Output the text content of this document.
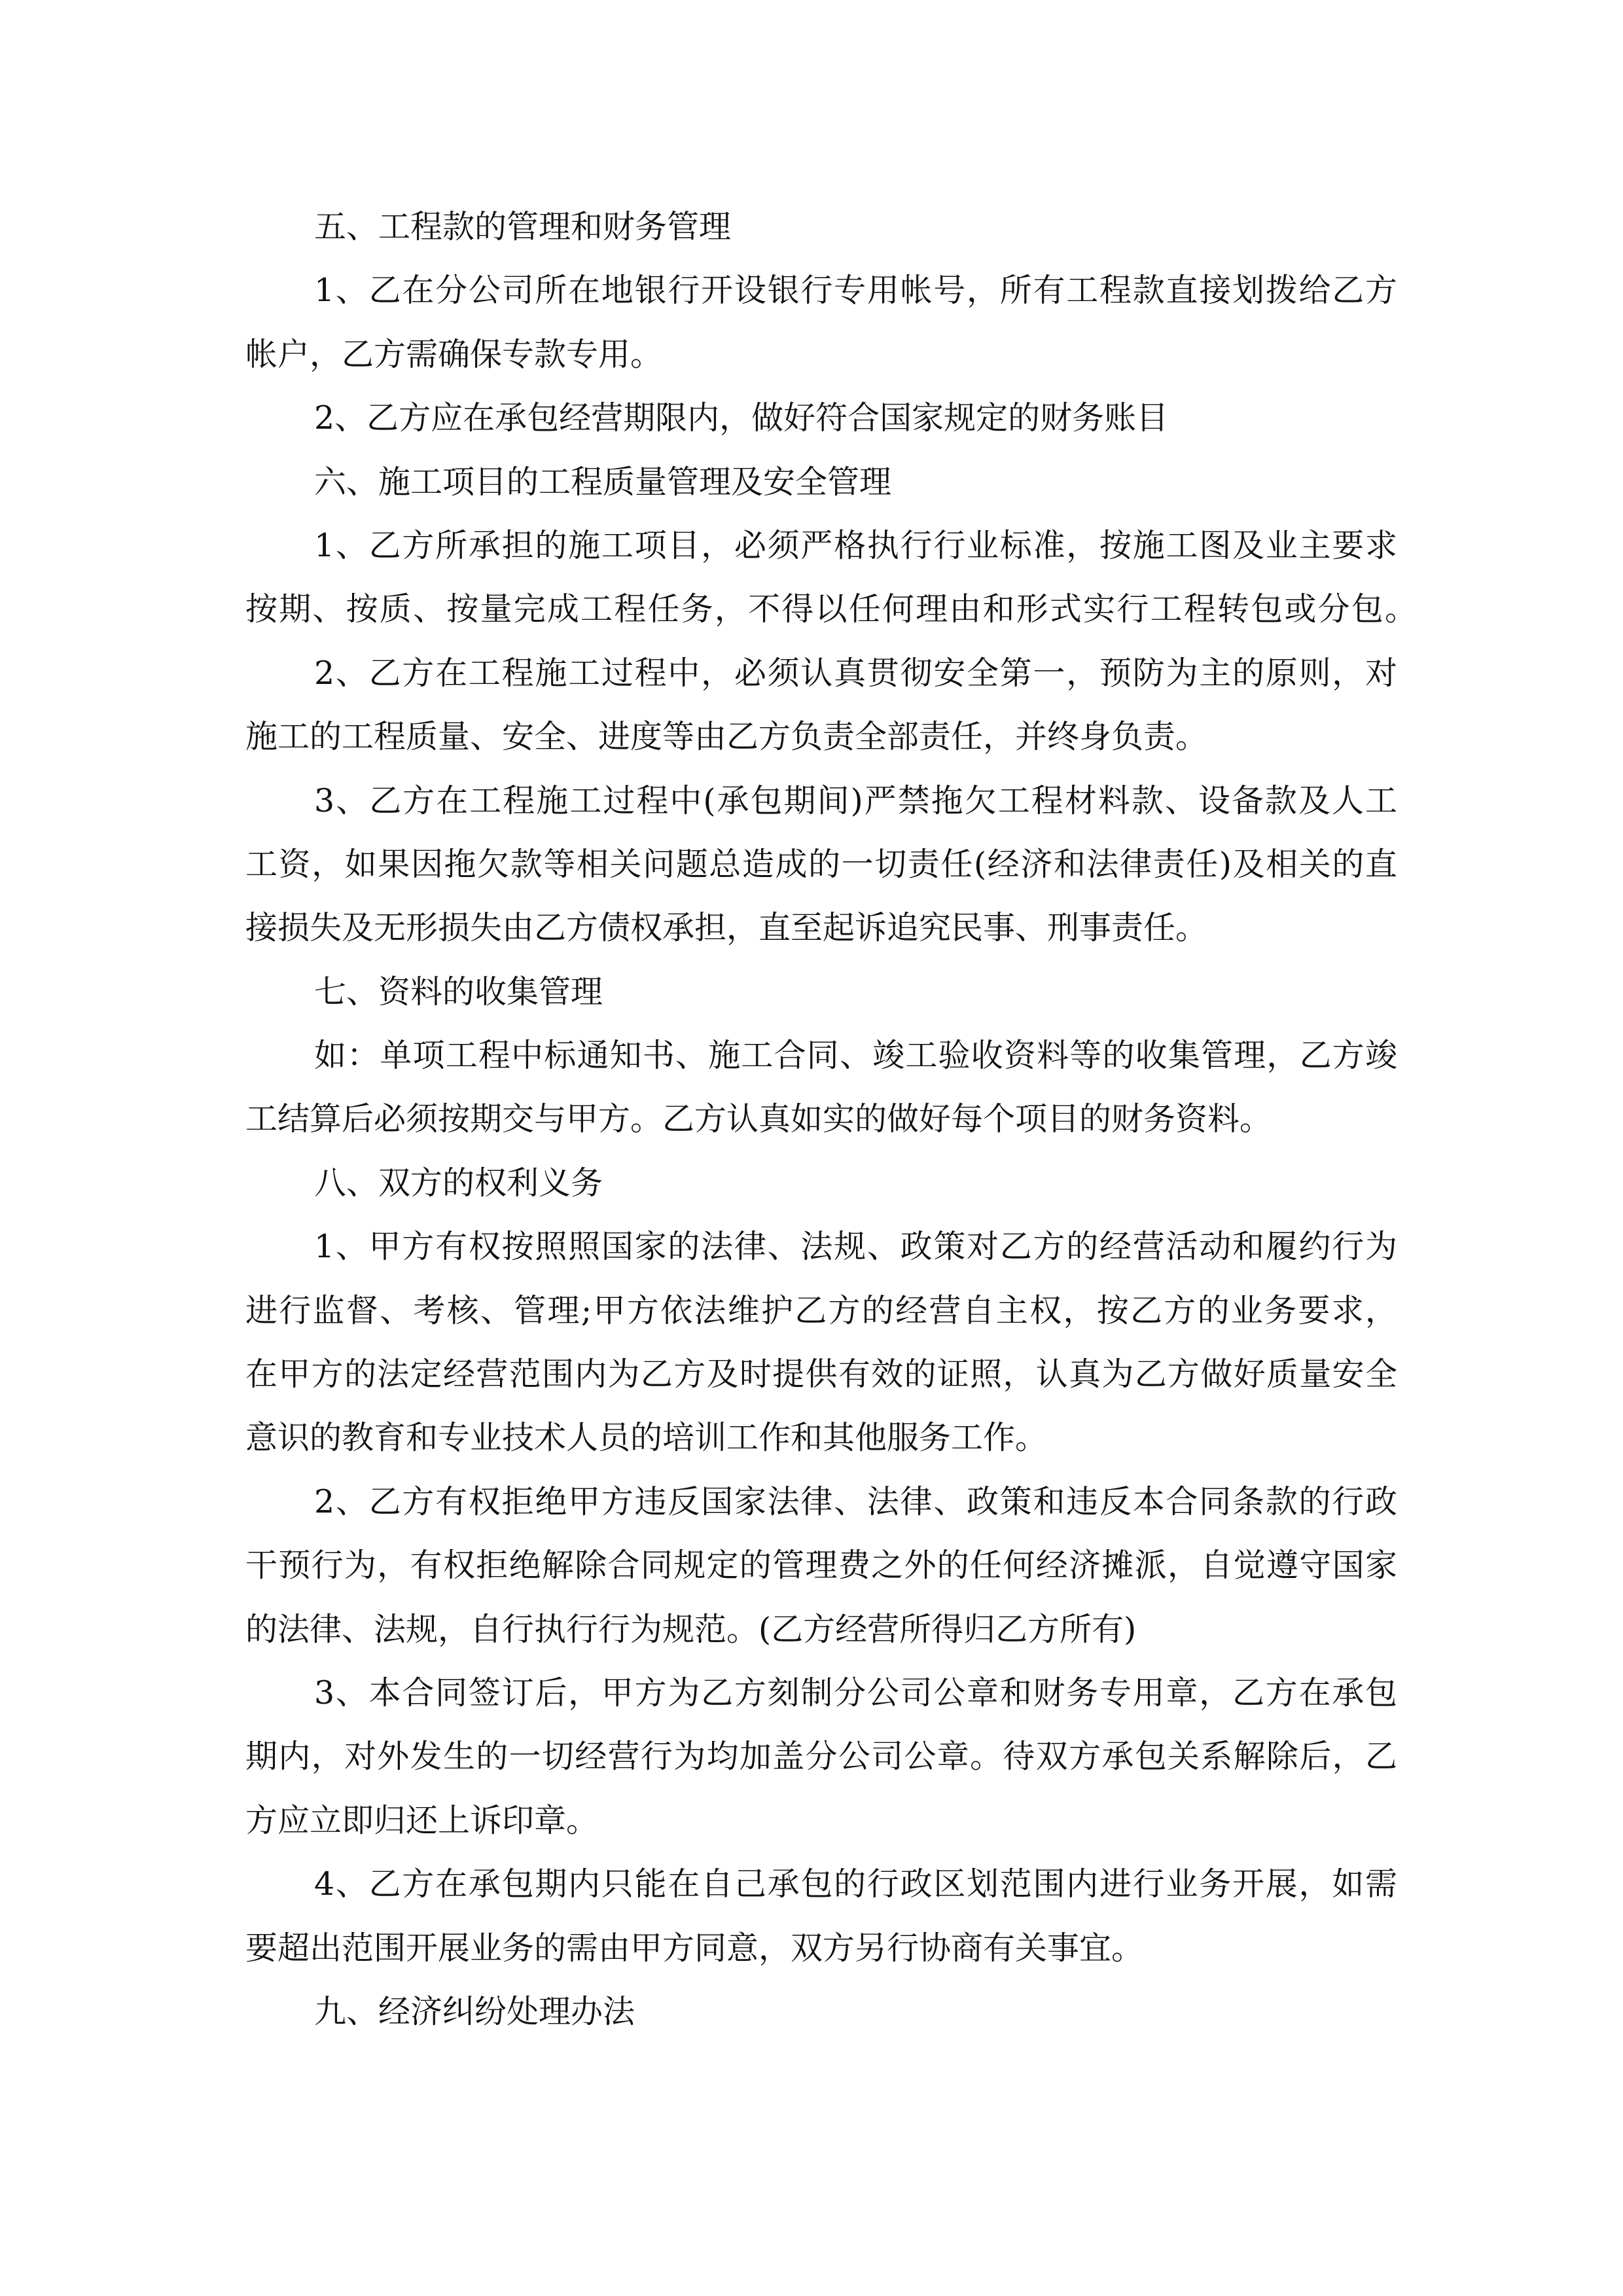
五、工程款的管理和财务管理
1、乙在分公司所在地银行开设银行专用帐号，所有工程款直接划拨给乙方
帐户，乙方需确保专款专用。
2、乙方应在承包经营期限内，做好符合国家规定的财务账目
六、施工项目的工程质量管理及安全管理
1、乙方所承担的施工项目，必须严格执行行业标准，按施工图及业主要求
按期、按质、按量完成工程任务，不得以任何理由和形式实行工程转包或分包。
2、乙方在工程施工过程中，必须认真贯彻安全第一，预防为主的原则，对
施工的工程质量、安全、进度等由乙方负责全部责任，并终身负责。
3、乙方在工程施工过程中(承包期间)严禁拖欠工程材料款、设备款及人工
工资，如果因拖欠款等相关问题总造成的一切责任(经济和法律责任)及相关的直
接损失及无形损失由乙方债权承担，直至起诉追究民事、刑事责任。
七、资料的收集管理
如：单项工程中标通知书、施工合同、竣工验收资料等的收集管理，乙方竣
工结算后必须按期交与甲方。乙方认真如实的做好每个项目的财务资料。
八、双方的权利义务
1、甲方有权按照照国家的法律、法规、政策对乙方的经营活动和履约行为
进行监督、考核、管理;甲方依法维护乙方的经营自主权，按乙方的业务要求，
在甲方的法定经营范围内为乙方及时提供有效的证照，认真为乙方做好质量安全
意识的教育和专业技术人员的培训工作和其他服务工作。
2、乙方有权拒绝甲方违反国家法律、法律、政策和违反本合同条款的行政
干预行为，有权拒绝解除合同规定的管理费之外的任何经济摊派，自觉遵守国家
的法律、法规，自行执行行为规范。(乙方经营所得归乙方所有)
3、本合同签订后，甲方为乙方刻制分公司公章和财务专用章，乙方在承包
期内，对外发生的一切经营行为均加盖分公司公章。待双方承包关系解除后，乙
方应立即归还上诉印章。
4、乙方在承包期内只能在自己承包的行政区划范围内进行业务开展，如需
要超出范围开展业务的需由甲方同意，双方另行协商有关事宜。
九、经济纠纷处理办法
